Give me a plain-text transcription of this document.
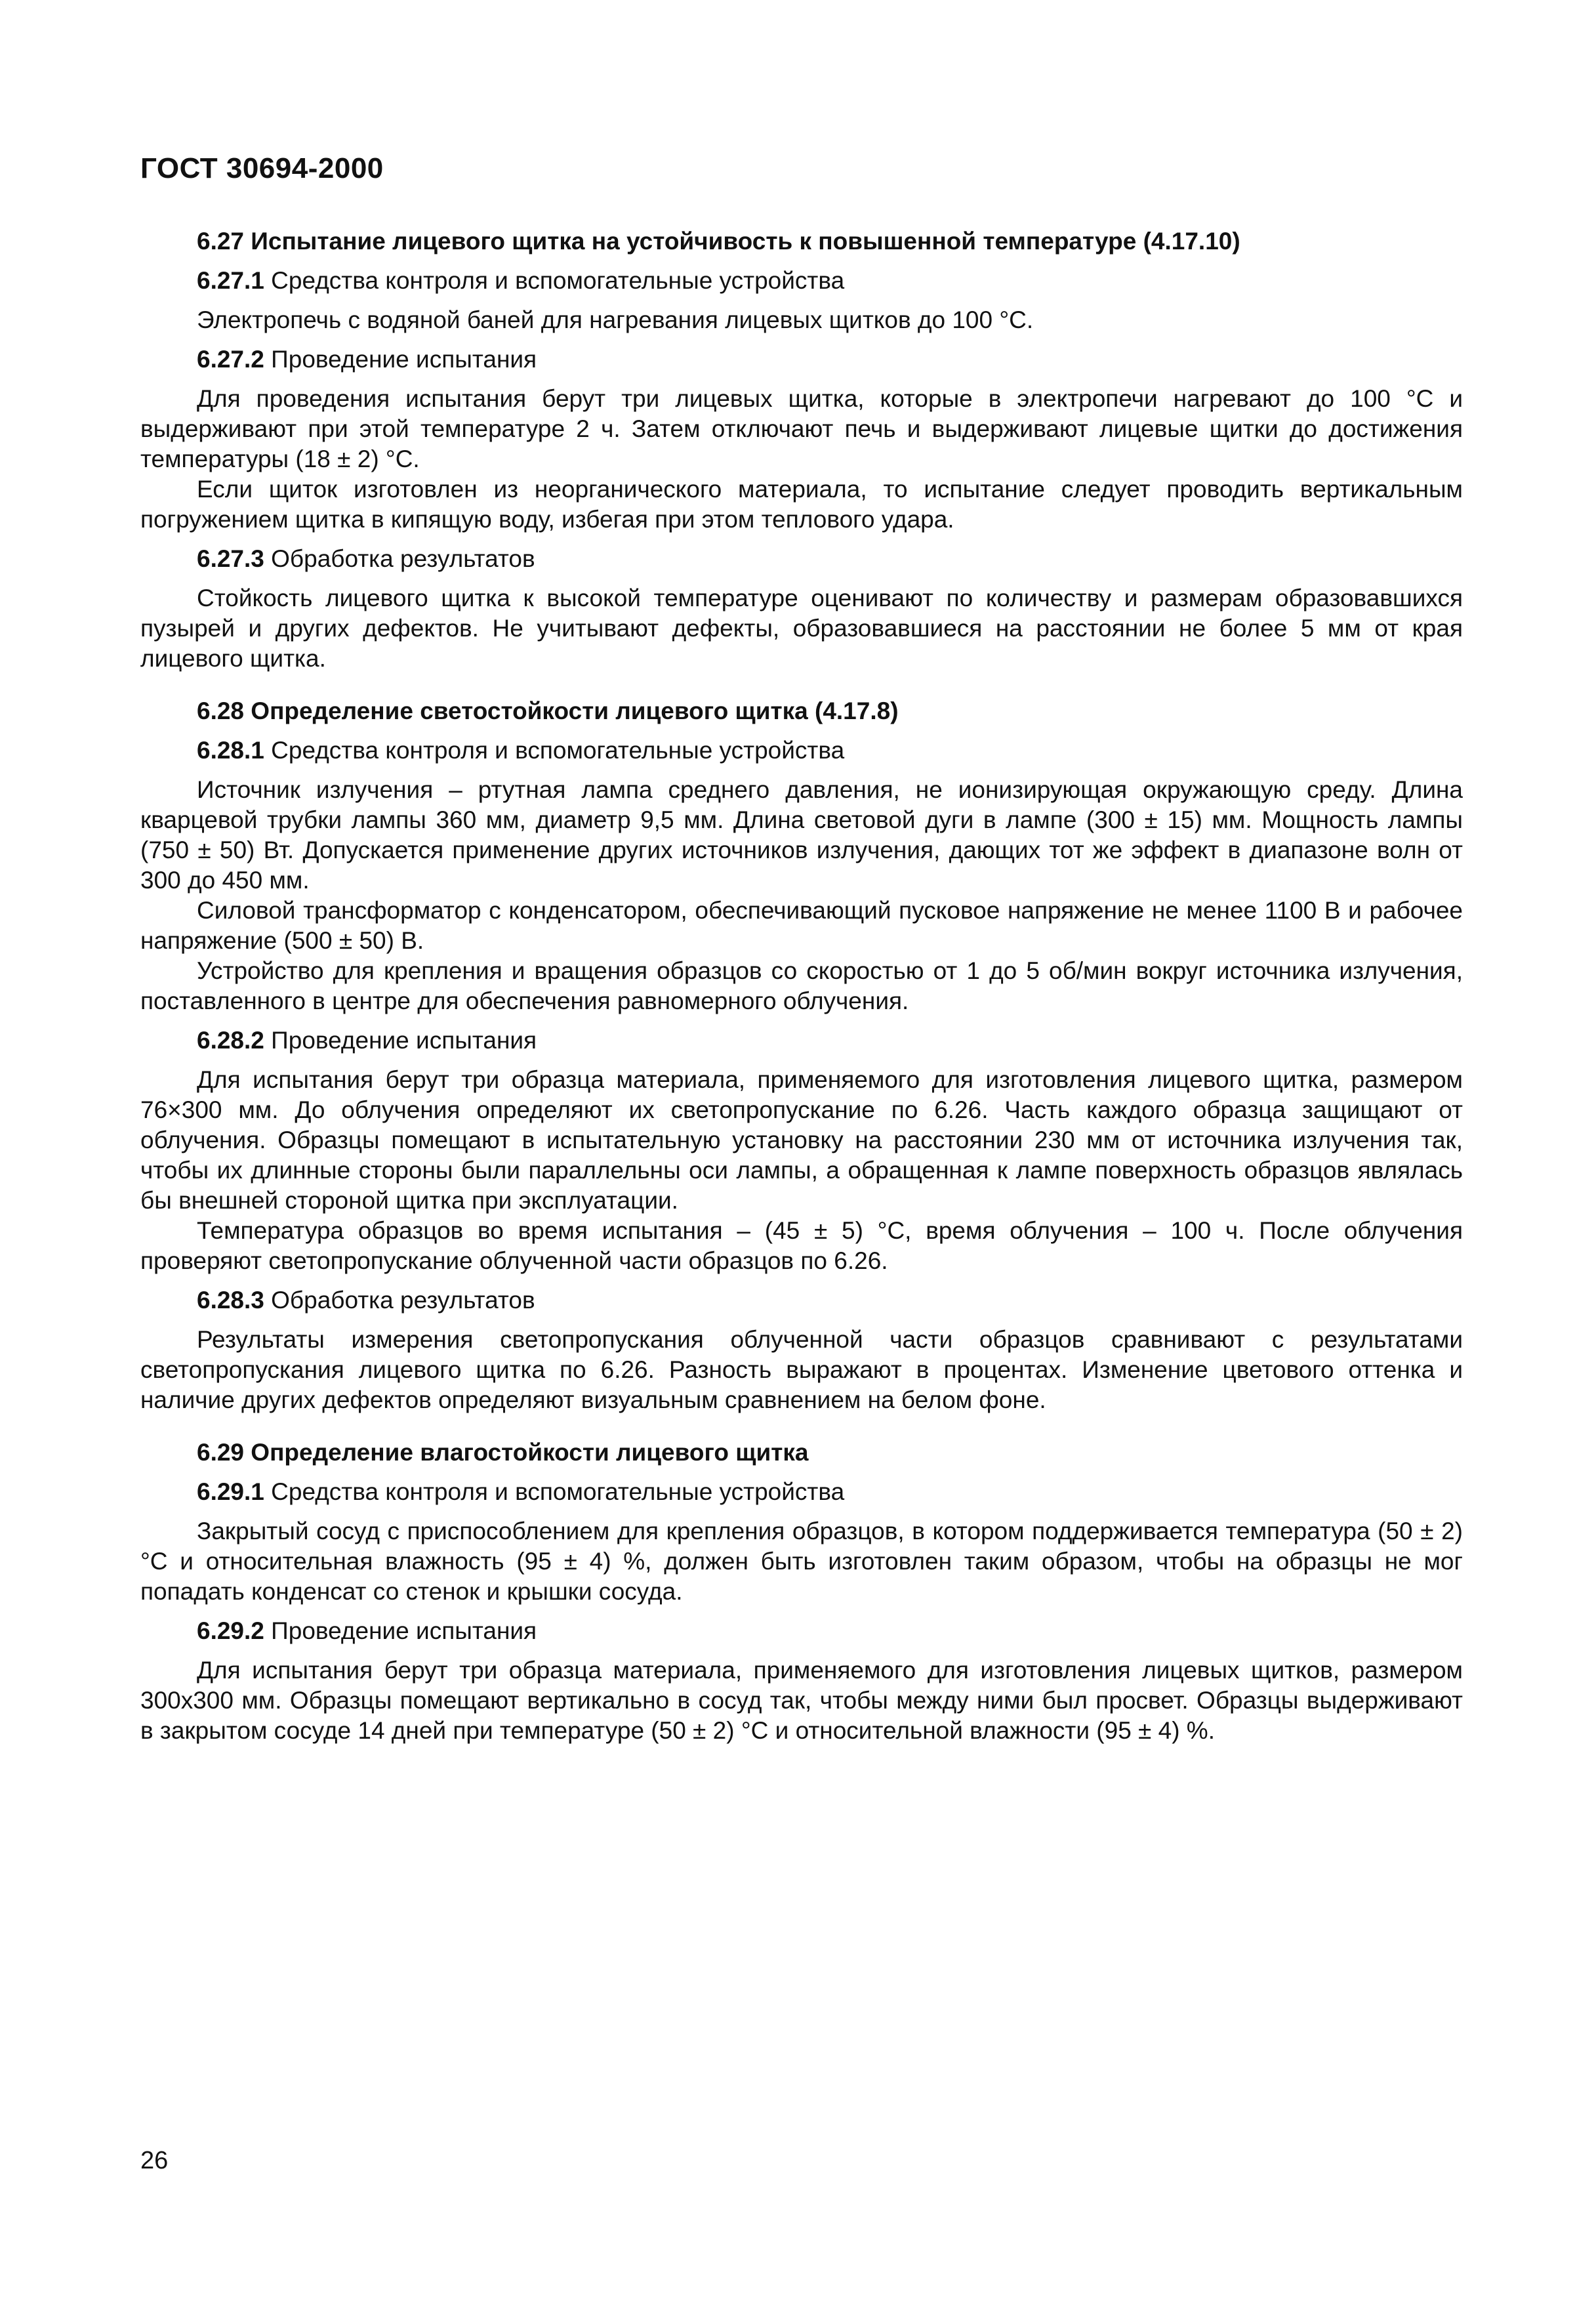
ГОСТ 30694-2000
6.27 Испытание лицевого щитка на устойчивость к повышенной температуре (4.17.10)
6.27.1 Средства контроля и вспомогательные устройства
Электропечь с водяной баней для нагревания лицевых щитков до 100 °С.
6.27.2 Проведение испытания
Для проведения испытания берут три лицевых щитка, которые в электропечи нагревают до 100 °С и выдерживают при этой температуре 2 ч. Затем отключают печь и выдерживают лицевые щитки до достижения температуры (18 ± 2) °С.
Если щиток изготовлен из неорганического материала, то испытание следует проводить вертикальным погружением щитка в кипящую воду, избегая при этом теплового удара.
6.27.3 Обработка результатов
Стойкость лицевого щитка к высокой температуре оценивают по количеству и размерам образовавшихся пузырей и других дефектов. Не учитывают дефекты, образовавшиеся на расстоянии не более 5 мм от края лицевого щитка.
6.28 Определение светостойкости лицевого щитка (4.17.8)
6.28.1 Средства контроля и вспомогательные устройства
Источник излучения – ртутная лампа среднего давления, не ионизирующая окружающую среду. Длина кварцевой трубки лампы 360 мм, диаметр 9,5 мм. Длина световой дуги в лампе (300 ± 15) мм. Мощность лампы (750 ± 50) Вт. Допускается применение других источников излучения, дающих тот же эффект в диапазоне волн от 300 до 450 мм.
Силовой трансформатор с конденсатором, обеспечивающий пусковое напряжение не менее 1100 В и рабочее напряжение (500 ± 50) В.
Устройство для крепления и вращения образцов со скоростью от 1 до 5 об/мин вокруг источника излучения, поставленного в центре для обеспечения равномерного облучения.
6.28.2 Проведение испытания
Для испытания берут три образца материала, применяемого для изготовления лицевого щитка, размером 76×300 мм. До облучения определяют их светопропускание по 6.26. Часть каждого образца защищают от облучения. Образцы помещают в испытательную установку на расстоянии 230 мм от источника излучения так, чтобы их длинные стороны были параллельны оси лампы, а обращенная к лампе поверхность образцов являлась бы внешней стороной щитка при эксплуатации.
Температура образцов во время испытания – (45 ± 5) °С, время облучения – 100 ч. После облучения проверяют светопропускание облученной части образцов по 6.26.
6.28.3 Обработка результатов
Результаты измерения светопропускания облученной части образцов сравнивают с результатами светопропускания лицевого щитка по 6.26. Разность выражают в процентах. Изменение цветового оттенка и наличие других дефектов определяют визуальным сравнением на белом фоне.
6.29 Определение влагостойкости лицевого щитка
6.29.1 Средства контроля и вспомогательные устройства
Закрытый сосуд с приспособлением для крепления образцов, в котором поддерживается температура (50 ± 2) °С и относительная влажность (95 ± 4) %, должен быть изготовлен таким образом, чтобы на образцы не мог попадать конденсат со стенок и крышки сосуда.
6.29.2 Проведение испытания
Для испытания берут три образца материала, применяемого для изготовления лицевых щитков, размером 300х300 мм. Образцы помещают вертикально в сосуд так, чтобы между ними был просвет. Образцы выдерживают в закрытом сосуде 14 дней при температуре (50 ± 2) °С и относительной влажности (95 ± 4) %.
26
